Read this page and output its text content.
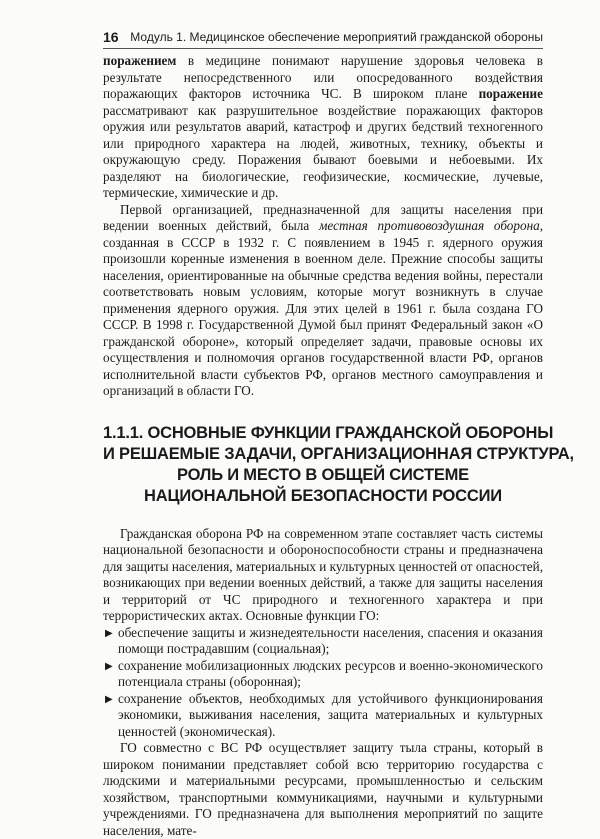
16 Модуль 1. Медицинское обеспечение мероприятий гражданской обороны

поражением в медицине понимают нарушение здоровья человека в результате непосредственного или опосредованного воздействия поражающих факторов источника ЧС. В широком плане поражение рассматривают как разрушительное воздействие поражающих факторов оружия или результатов аварий, катастроф и других бедствий техногенного или природного характера на людей, животных, технику, объекты и окружающую среду. Поражения бывают боевыми и небоевыми. Их разделяют на биологические, геофизические, космические, лучевые, термические, химические и др.

Первой организацией, предназначенной для защиты населения при ведении военных действий, была местная противовоздушная оборона, созданная в СССР в 1932 г. С появлением в 1945 г. ядерного оружия произошли коренные изменения в военном деле. Прежние способы защиты населения, ориентированные на обычные средства ведения войны, перестали соответствовать новым условиям, которые могут возникнуть в случае применения ядерного оружия. Для этих целей в 1961 г. была создана ГО СССР. В 1998 г. Государственной Думой был принят Федеральный закон «О гражданской обороне», который определяет задачи, правовые основы их осуществления и полномочия органов государственной власти РФ, органов исполнительной власти субъектов РФ, органов местного самоуправления и организаций в области ГО.

1.1.1. ОСНОВНЫЕ ФУНКЦИИ ГРАЖДАНСКОЙ ОБОРОНЫ
И РЕШАЕМЫЕ ЗАДАЧИ, ОРГАНИЗАЦИОННАЯ СТРУКТУРА,
РОЛЬ И МЕСТО В ОБЩЕЙ СИСТЕМЕ
НАЦИОНАЛЬНОЙ БЕЗОПАСНОСТИ РОССИИ

Гражданская оборона РФ на современном этапе составляет часть системы национальной безопасности и обороноспособности страны и предназначена для защиты населения, материальных и культурных ценностей от опасностей, возникающих при ведении военных действий, а также для защиты населения и территорий от ЧС природного и техногенного характера и при террористических актах. Основные функции ГО:

▶ обеспечение защиты и жизнедеятельности населения, спасения и оказания помощи пострадавшим (социальная);
▶ сохранение мобилизационных людских ресурсов и военно-экономического потенциала страны (оборонная);
▶ сохранение объектов, необходимых для устойчивого функционирования экономики, выживания населения, защита материальных и культурных ценностей (экономическая).

ГО совместно с ВС РФ осуществляет защиту тыла страны, который в широком понимании представляет собой всю территорию государства с людскими и материальными ресурсами, промышленностью и сельским хозяйством, транспортными коммуникациями, научными и культурными учреждениями. ГО предназначена для выполнения мероприятий по защите населения, мате-
